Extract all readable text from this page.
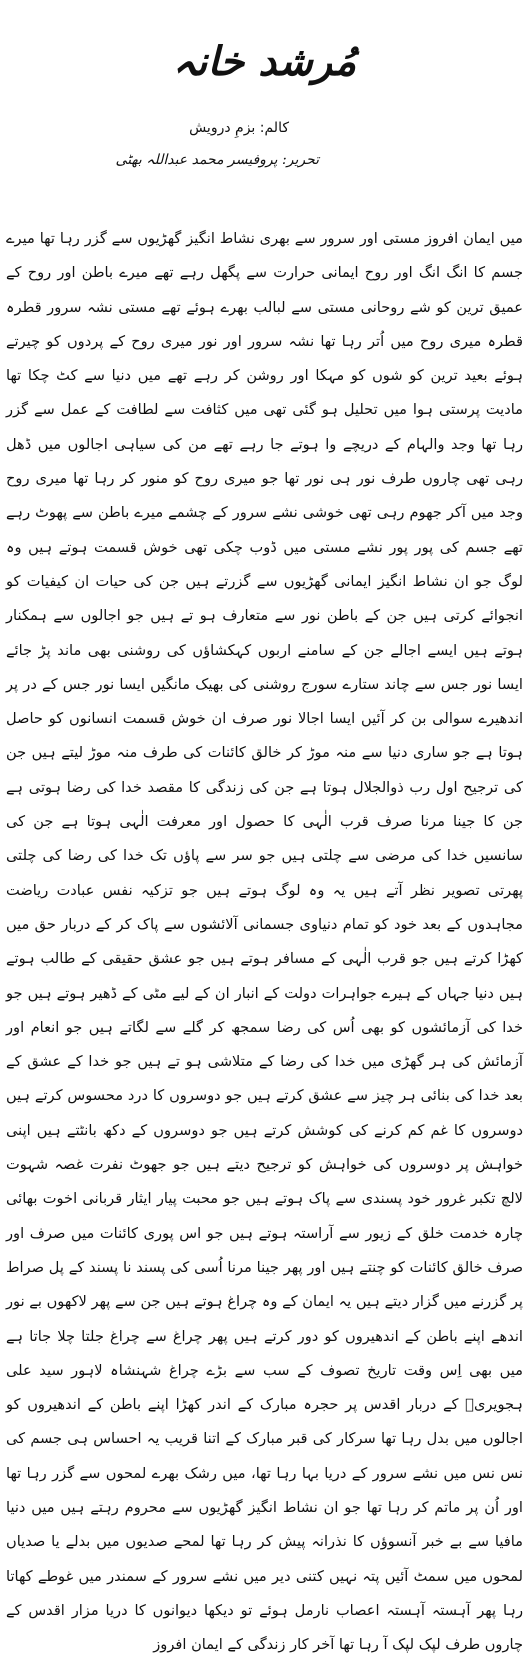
مُرشد خانہ
کالم: بزمِ درویش
تحریر: پروفیسر محمد عبداللہ بھٹی

میں ایمان افروز مستی اور سرور سے بھری نشاط انگیز گھڑیوں سے گزر رہا تھا میرے جسم کا انگ انگ اور روح ایمانی حرارت سے پگھل رہے تھے میرے باطن اور روح کے عمیق ترین کو شے روحانی مستی سے لبالب بھرے ہوئے تھے مستی نشہ سرور قطرہ قطرہ میری روح میں اُتر رہا تھا نشہ سرور اور نور میری روح کے پردوں کو چیرتے ہوئے بعید ترین کو شوں کو مہکا اور روشن کر رہے تھے میں دنیا سے کٹ چکا تھا مادیت پرستی ہوا میں تحلیل ہو گئی تھی میں کثافت سے لطافت کے عمل سے گزر رہا تھا وجد والہام کے دریچے وا ہوتے جا رہے تھے من کی سیاہی اجالوں میں ڈھل رہی تھی چاروں طرف نور ہی نور تھا جو میری روح کو منور کر رہا تھا میری روح وجد میں آکر جھوم رہی تھی خوشی نشے سرور کے چشمے میرے باطن سے پھوٹ رہے تھے جسم کی پور پور نشے مستی میں ڈوب چکی تھی خوش قسمت ہوتے ہیں وہ لوگ جو ان نشاط انگیز ایمانی گھڑیوں سے گزرتے ہیں جن کی حیات ان کیفیات کو انجوائے کرتی ہیں جن کے باطن نور سے متعارف ہو تے ہیں جو اجالوں سے ہمکنار ہوتے ہیں ایسے اجالے جن کے سامنے اربوں کہکشاؤں کی روشنی بھی ماند پڑ جائے ایسا نور جس سے چاند ستارے سورج روشنی کی بھیک مانگیں ایسا نور جس کے در پر اندھیرے سوالی بن کر آئیں ایسا اجالا نور صرف ان خوش قسمت انسانوں کو حاصل ہوتا ہے جو ساری دنیا سے منہ موڑ کر خالق کائنات کی طرف منہ موڑ لیتے ہیں جن کی ترجیح اول رب ذوالجلال ہوتا ہے جن کی زندگی کا مقصد خدا کی رضا ہوتی ہے جن کا جینا مرنا صرف قرب الٰہی کا حصول اور معرفت الٰہی ہوتا ہے جن کی سانسیں خدا کی مرضی سے چلتی ہیں جو سر سے پاؤں تک خدا کی رضا کی چلتی پھرتی تصویر نظر آتے ہیں یہ وہ لوگ ہوتے ہیں جو تزکیہ نفس عبادت ریاضت مجاہدوں کے بعد خود کو تمام دنیاوی جسمانی آلائشوں سے پاک کر کے دربار حق میں کھڑا کرتے ہیں جو قرب الٰہی کے مسافر ہوتے ہیں جو عشق حقیقی کے طالب ہوتے ہیں دنیا جہاں کے ہیرے جواہرات دولت کے انبار ان کے لیے مٹی کے ڈھیر ہوتے ہیں جو خدا کی آزمائشوں کو بھی اُس کی رضا سمجھ کر گلے سے لگاتے ہیں جو انعام اور آزمائش کی ہر گھڑی میں خدا کی رضا کے متلاشی ہو تے ہیں جو خدا کے عشق کے بعد خدا کی بنائی ہر چیز سے عشق کرتے ہیں جو دوسروں کا درد محسوس کرتے ہیں دوسروں کا غم کم کرنے کی کوشش کرتے ہیں جو دوسروں کے دکھ بانٹتے ہیں اپنی خواہش پر دوسروں کی خواہش کو ترجیح دیتے ہیں جو جھوٹ نفرت غصہ شہوت لالچ تکبر غرور خود پسندی سے پاک ہوتے ہیں جو محبت پیار ایثار قربانی اخوت بھائی چارہ خدمت خلق کے زیور سے آراستہ ہوتے ہیں جو اس پوری کائنات میں صرف اور صرف خالق کائنات کو چنتے ہیں اور پھر جینا مرنا اُسی کی پسند نا پسند کے پل صراط پر گزرنے میں گزار دیتے ہیں یہ ایمان کے وہ چراغ ہوتے ہیں جن سے پھر لاکھوں بے نور اندھے اپنے باطن کے اندھیروں کو دور کرتے ہیں پھر چراغ سے چراغ جلتا چلا جاتا ہے میں بھی اِس وقت تاریخ تصوف کے سب سے بڑے چراغ شہنشاہ لاہور سید علی ہجویریؒ کے دربار اقدس پر حجرہ مبارک کے اندر کھڑا اپنے باطن کے اندھیروں کو اجالوں میں بدل رہا تھا سرکار کی قبر مبارک کے اتنا قریب یہ احساس ہی جسم کی نس نس میں نشے سرور کے دریا بہا رہا تھا، میں رشک بھرے لمحوں سے گزر رہا تھا اور اُن پر ماتم کر رہا تھا جو ان نشاط انگیز گھڑیوں سے محروم رہتے ہیں میں دنیا مافیا سے بے خبر آنسوؤں کا نذرانہ پیش کر رہا تھا لمحے صدیوں میں بدلے یا صدیاں لمحوں میں سمٹ آئیں پتہ نہیں کتنی دیر میں نشے سرور کے سمندر میں غوطے کھاتا رہا پھر آہستہ آہستہ اعصاب نارمل ہوئے تو دیکھا دیوانوں کا دریا مزار اقدس کے چاروں طرف لپک لپک آ رہا تھا آخر کار زندگی کے ایمان افروز
